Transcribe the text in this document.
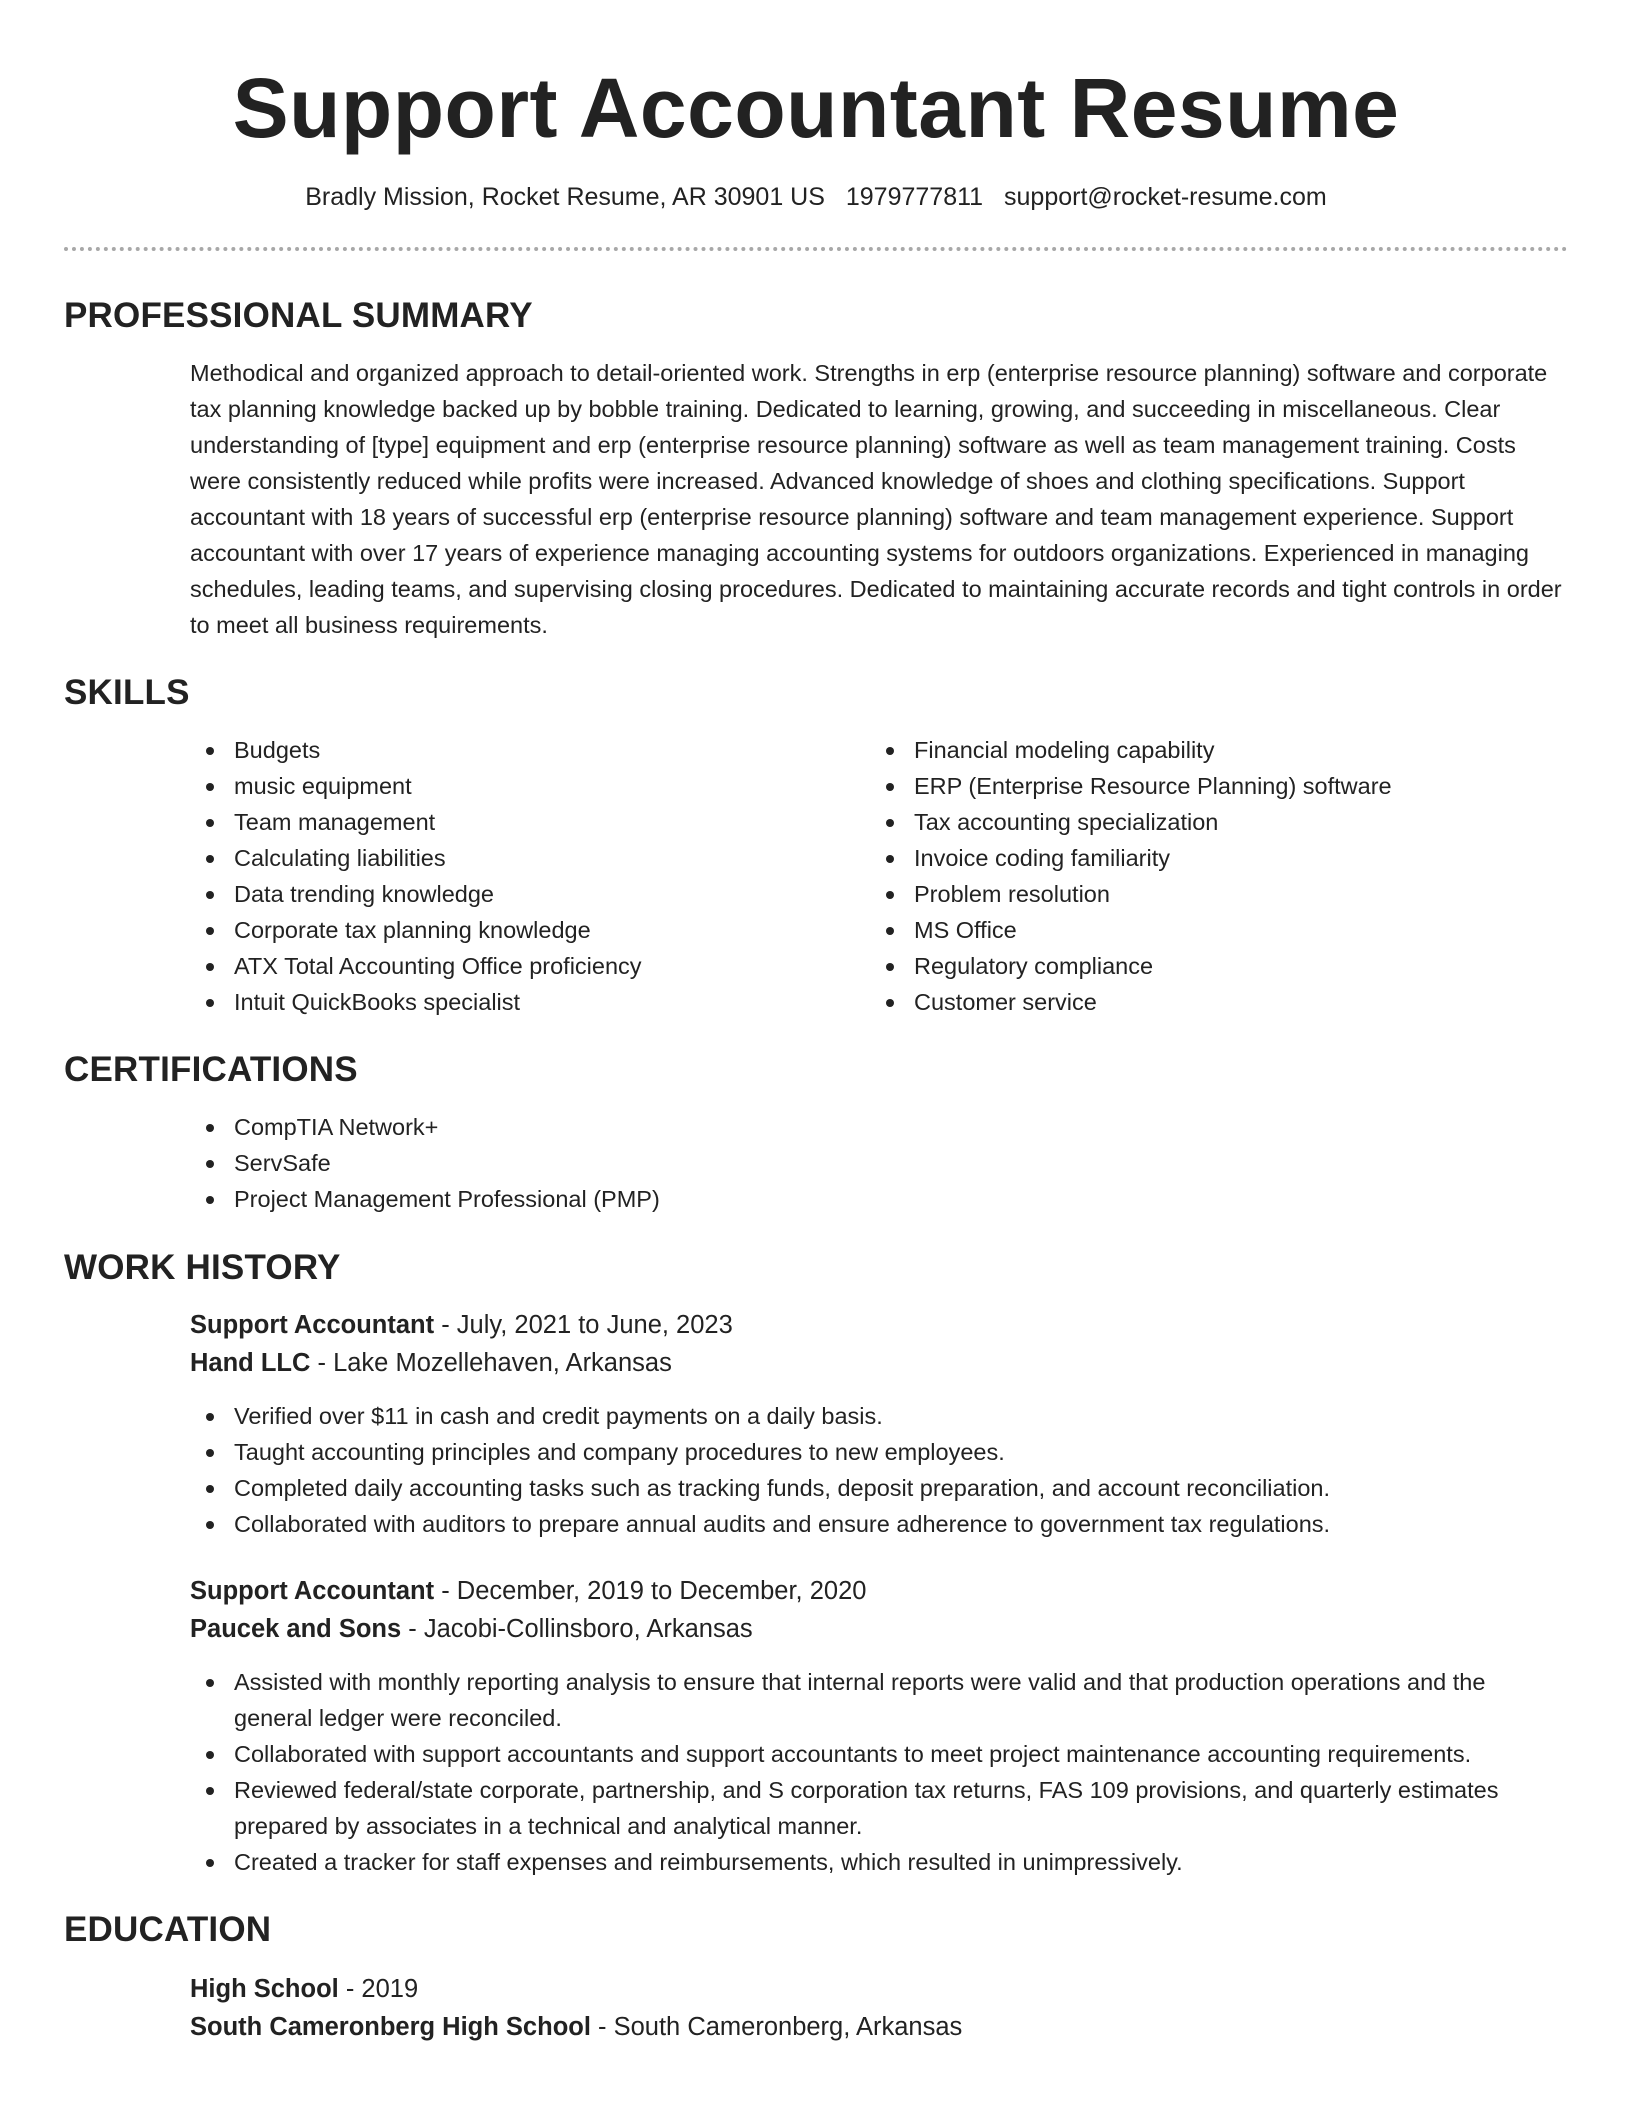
Support Accountant Resume
Bradly Mission, Rocket Resume, AR 30901 US 1979777811 support@rocket-resume.com
PROFESSIONAL SUMMARY

Methodical and organized approach to detail-oriented work. Strengths in erp (enterprise resource planning) software and corporate tax planning knowledge backed up by bobble training. Dedicated to learning, growing, and succeeding in miscellaneous. Clear understanding of [type] equipment and erp (enterprise resource planning) software as well as team management training. Costs were consistently reduced while profits were increased. Advanced knowledge of shoes and clothing specifications. Support accountant with 18 years of successful erp (enterprise resource planning) software and team management experience. Support accountant with over 17 years of experience managing accounting systems for outdoors organizations. Experienced in managing schedules, leading teams, and supervising closing procedures. Dedicated to maintaining accurate records and tight controls in order to meet all business requirements.

SKILLS
Budgets
music equipment
Team management
Calculating liabilities
Data trending knowledge
Corporate tax planning knowledge
ATX Total Accounting Office proficiency
Intuit QuickBooks specialist
Financial modeling capability
ERP (Enterprise Resource Planning) software
Tax accounting specialization
Invoice coding familiarity
Problem resolution
MS Office
Regulatory compliance
Customer service
CERTIFICATIONS
CompTIA Network+
ServSafe
Project Management Professional (PMP)
WORK HISTORY
Support Accountant - July, 2021 to June, 2023
Hand LLC - Lake Mozellehaven, Arkansas
Verified over $11 in cash and credit payments on a daily basis.
Taught accounting principles and company procedures to new employees.
Completed daily accounting tasks such as tracking funds, deposit preparation, and account reconciliation.
Collaborated with auditors to prepare annual audits and ensure adherence to government tax regulations.
Support Accountant - December, 2019 to December, 2020
Paucek and Sons - Jacobi-Collinsboro, Arkansas
Assisted with monthly reporting analysis to ensure that internal reports were valid and that production operations and the general ledger were reconciled.
Collaborated with support accountants and support accountants to meet project maintenance accounting requirements.
Reviewed federal/state corporate, partnership, and S corporation tax returns, FAS 109 provisions, and quarterly estimates prepared by associates in a technical and analytical manner.
Created a tracker for staff expenses and reimbursements, which resulted in unimpressively.
EDUCATION
High School - 2019
South Cameronberg High School - South Cameronberg, Arkansas
